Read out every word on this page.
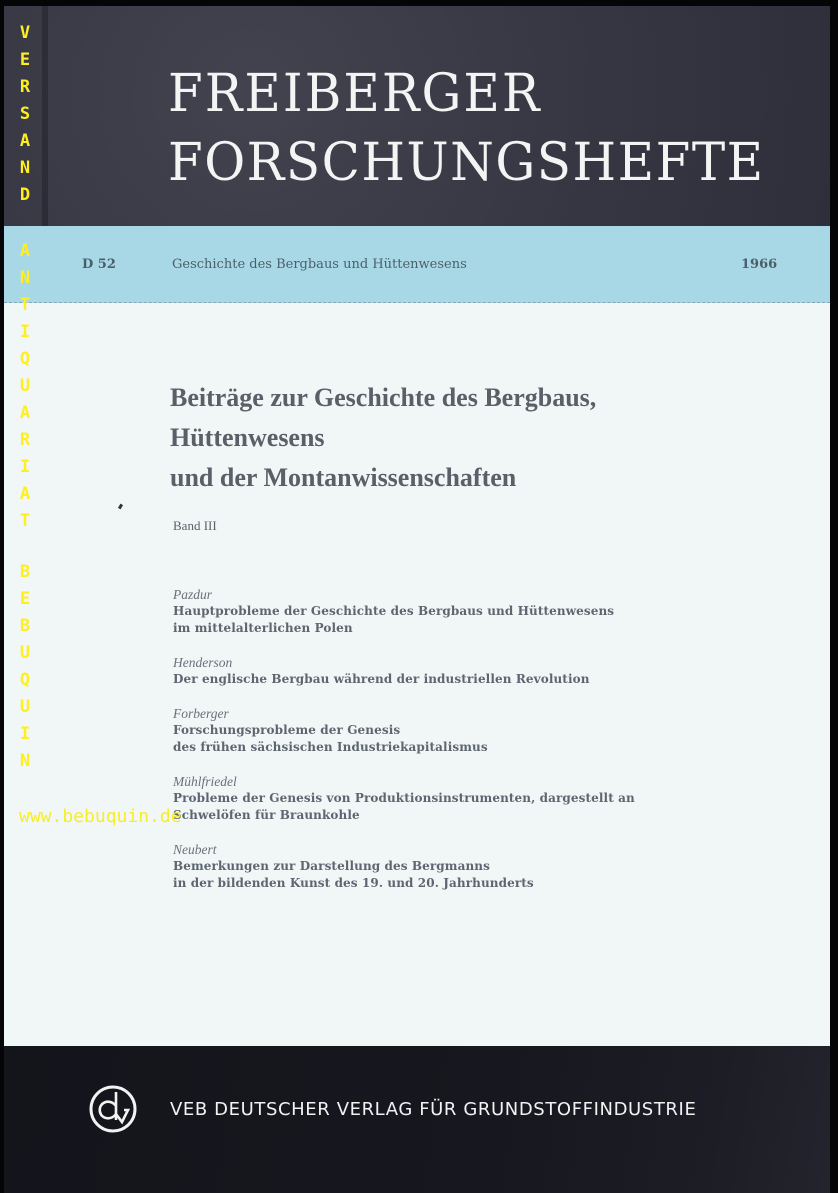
FREIBERGER
FORSCHUNGSHEFTE
D 52	Geschichte des Bergbaus und Hüttenwesens	1966
Beiträge zur Geschichte des Bergbaus,
Hüttenwesens
und der Montanwissenschaften
Band III
Pazdur
Hauptprobleme der Geschichte des Bergbaus und Hüttenwesens
im mittelalterlichen Polen
Henderson
Der englische Bergbau während der industriellen Revolution
Forberger
Forschungsprobleme der Genesis
des frühen sächsischen Industriekapitalismus
Mühlfriedel
Probleme der Genesis von Produktionsinstrumenten, dargestellt an
Schwelöfen für Braunkohle
Neubert
Bemerkungen zur Darstellung des Bergmanns
in der bildenden Kunst des 19. und 20. Jahrhunderts
VEB DEUTSCHER VERLAG FÜR GRUNDSTOFFINDUSTRIE
V
E
R
S
A
N
D
A
N
T
I
Q
U
A
R
I
A
T
B
E
B
U
Q
U
I
N
www.bebuquin.de
